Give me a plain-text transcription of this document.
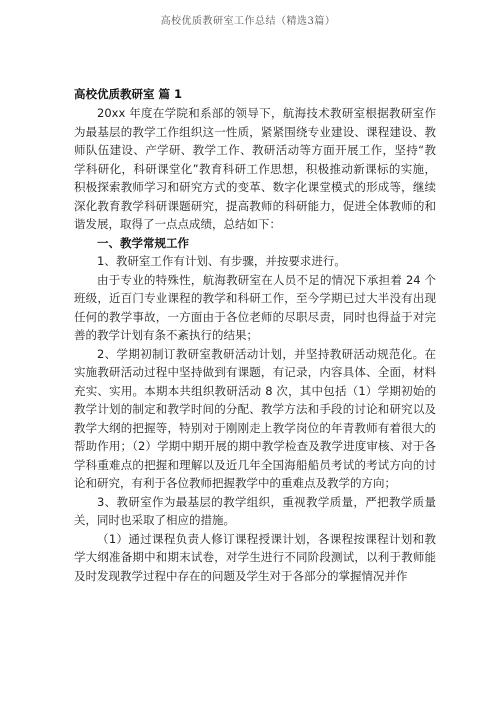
高校优质教研室工作总结（精选3篇）
高校优质教研室 篇 1

20xx 年度在学院和系部的领导下，航海技术教研室根据教研室作为最基层的教学工作组织这一性质，紧紧围绕专业建设、课程建设、教师队伍建设、产学研、教学工作、教研活动等方面开展工作，坚持“教学科研化，科研课堂化”教育科研工作思想，积极推动新课标的实施，积极探索教师学习和研究方式的变革、数字化课堂模式的形成等，继续深化教育教学科研课题研究，提高教师的科研能力，促进全体教师的和谐发展，取得了一点点成绩，总结如下：

一、教学常规工作

1、教研室工作有计划、有步骤，并按要求进行。

由于专业的特殊性，航海教研室在人员不足的情况下承担着 24 个班级，近百门专业课程的教学和科研工作，至今学期已过大半没有出现任何的教学事故，一方面由于各位老师的尽职尽责，同时也得益于对完善的教学计划有条不紊执行的结果；

2、学期初制订教研室教研活动计划，并坚持教研活动规范化。在实施教研活动过程中坚持做到有课题，有记录，内容具体、全面，材料充实、实用。本期本共组织教研活动 8 次，其中包括（1）学期初始的教学计划的制定和教学时间的分配、教学方法和手段的讨论和研究以及教学大纲的把握等，特别对于刚刚走上教学岗位的年青教师有着很大的帮助作用；（2）学期中期开展的期中教学检查及教学进度审核、对于各学科重难点的把握和理解以及近几年全国海船船员考试的考试方向的讨论和研究，有利于各位教师把握教学中的重难点及教学的方向；

3、教研室作为最基层的教学组织，重视教学质量，严把教学质量关，同时也采取了相应的措施。

（1）通过课程负责人修订课程授课计划，各课程按课程计划和教学大纲准备期中和期末试卷，对学生进行不同阶段测试，以利于教师能及时发现教学过程中存在的问题及学生对于各部分的掌握情况并作
